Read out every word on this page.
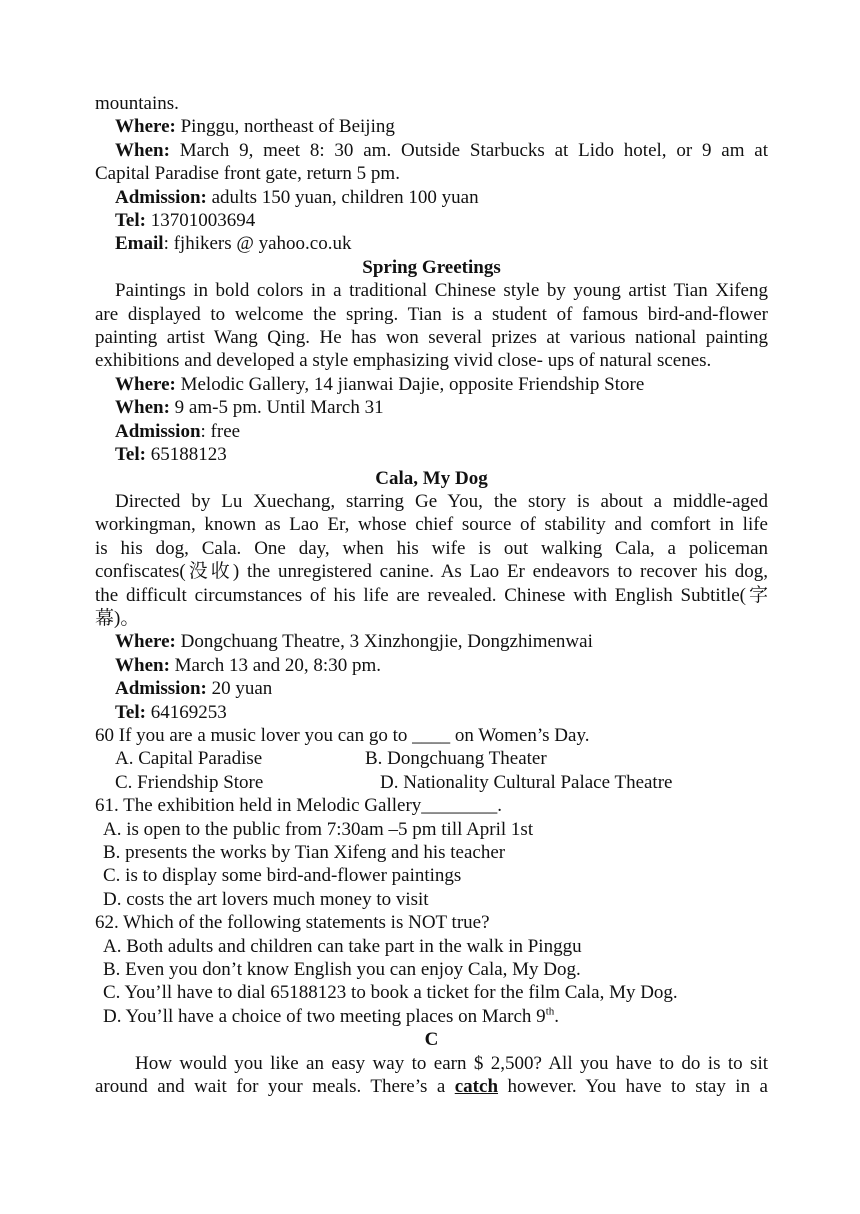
mountains.
Where: Pinggu, northeast of Beijing
When: March 9, meet 8: 30 am. Outside Starbucks at Lido hotel, or 9 am at
Capital Paradise front gate, return 5 pm.
Admission: adults 150 yuan, children 100 yuan
Tel: 13701003694
Email: fjhikers @ yahoo.co.uk
Spring Greetings
Paintings in bold colors in a traditional Chinese style by young artist Tian Xifeng
are displayed to welcome the spring. Tian is a student of famous bird-and-flower
painting artist Wang Qing. He has won several prizes at various national painting
exhibitions and developed a style emphasizing vivid close- ups of natural scenes.
Where: Melodic Gallery, 14 jianwai Dajie, opposite Friendship Store
When: 9 am-5 pm. Until March 31
Admission: free
Tel: 65188123
Cala, My Dog
Directed by Lu Xuechang, starring Ge You, the story is about a middle-aged
workingman, known as Lao Er, whose chief source of stability and comfort in life
is his dog, Cala. One day, when his wife is out walking Cala, a policeman
confiscates(没收) the unregistered canine. As Lao Er endeavors to recover his dog,
the difficult circumstances of his life are revealed. Chinese with English Subtitle(字
幕)。
Where: Dongchuang Theatre, 3 Xinzhongjie, Dongzhimenwai
When: March 13 and 20, 8:30 pm.
Admission: 20 yuan
Tel: 64169253
60 If you are a music lover you can go to ____ on Women’s Day.
A. Capital Paradise	B. Dongchuang Theater
C. Friendship Store	D. Nationality Cultural Palace Theatre
61. The exhibition held in Melodic Gallery________.
A. is open to the public from 7:30am –5 pm till April 1st
B. presents the works by Tian Xifeng and his teacher
C. is to display some bird-and-flower paintings
D. costs the art lovers much money to visit
62. Which of the following statements is NOT true?
A. Both adults and children can take part in the walk in Pinggu
B. Even you don’t know English you can enjoy Cala, My Dog.
C. You’ll have to dial 65188123 to book a ticket for the film Cala, My Dog.
D. You’ll have a choice of two meeting places on March 9th.
C
How would you like an easy way to earn $ 2,500? All you have to do is to sit
around and wait for your meals. There’s a catch however. You have to stay in a
